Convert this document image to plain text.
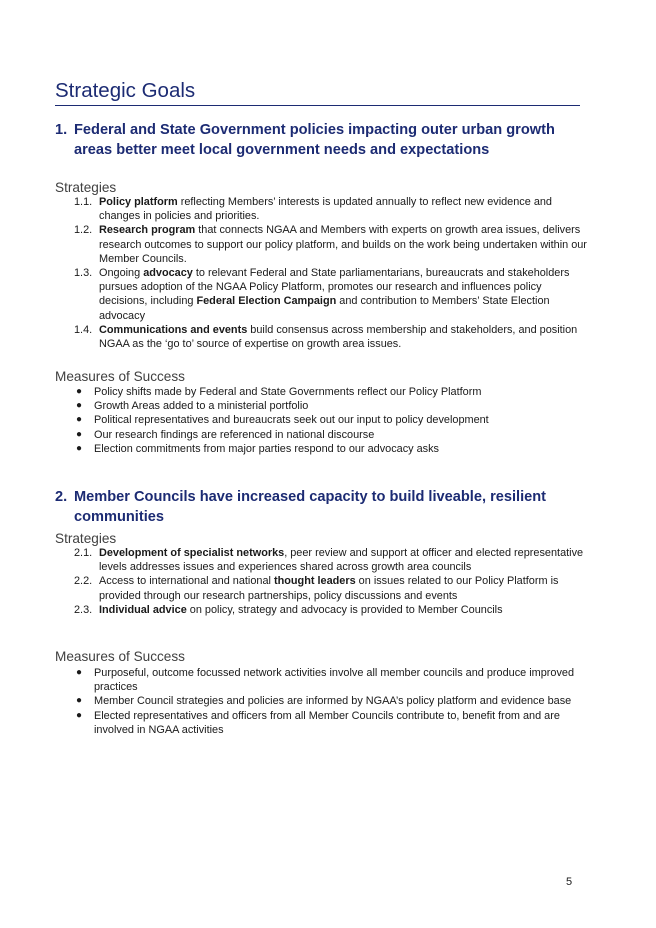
Strategic Goals
1. Federal and State Government policies impacting outer urban growth areas better meet local government needs and expectations
Strategies
1.1. Policy platform reflecting Members’ interests is updated annually to reflect new evidence and changes in policies and priorities.
1.2. Research program that connects NGAA and Members with experts on growth area issues, delivers research outcomes to support our policy platform, and builds on the work being undertaken within our Member Councils.
1.3. Ongoing advocacy to relevant Federal and State parliamentarians, bureaucrats and stakeholders pursues adoption of the NGAA Policy Platform, promotes our research and influences policy decisions, including Federal Election Campaign and contribution to Members’ State Election advocacy
1.4. Communications and events build consensus across membership and stakeholders, and position NGAA as the ‘go to’ source of expertise on growth area issues.
Measures of Success
● Policy shifts made by Federal and State Governments reflect our Policy Platform
● Growth Areas added to a ministerial portfolio
● Political representatives and bureaucrats seek out our input to policy development
● Our research findings are referenced in national discourse
● Election commitments from major parties respond to our advocacy asks
2. Member Councils have increased capacity to build liveable, resilient communities
Strategies
2.1. Development of specialist networks, peer review and support at officer and elected representative levels addresses issues and experiences shared across growth area councils
2.2. Access to international and national thought leaders on issues related to our Policy Platform is provided through our research partnerships, policy discussions and events
2.3. Individual advice on policy, strategy and advocacy is provided to Member Councils
Measures of Success
● Purposeful, outcome focussed network activities involve all member councils and produce improved practices
● Member Council strategies and policies are informed by NGAA’s policy platform and evidence base
● Elected representatives and officers from all Member Councils contribute to, benefit from and are involved in NGAA activities
5
